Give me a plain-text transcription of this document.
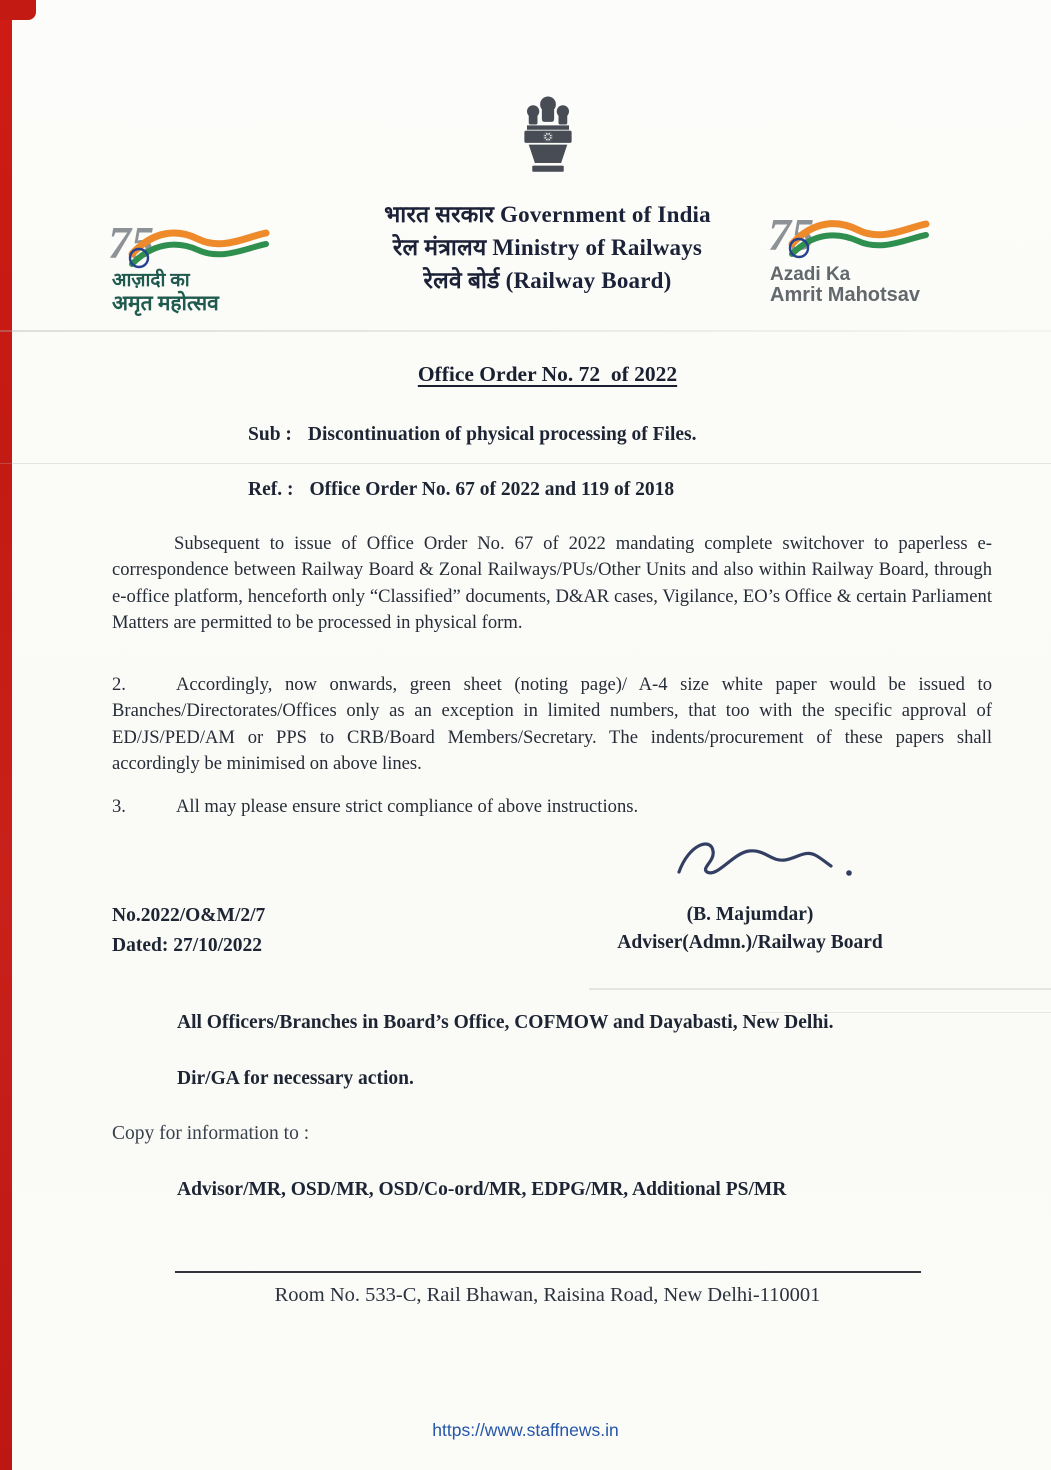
भारत सरकार Government of India
रेल मंत्रालय Ministry of Railways
रेलवे बोर्ड (Railway Board)
75
आज़ादी का
अमृत महोत्सव
75
Azadi Ka
Amrit Mahotsav
Office Order No. 72  of 2022
Sub : Discontinuation of physical processing of Files.
Ref. : Office Order No. 67 of 2022 and 119 of 2018

Subsequent to issue of Office Order No. 67 of 2022 mandating complete switchover to paperless e-correspondence between Railway Board & Zonal Railways/PUs/Other Units and also within Railway Board, through e-office platform, henceforth only “Classified” documents, D&AR cases, Vigilance, EO’s Office & certain Parliament Matters are permitted to be processed in physical form.

2.	Accordingly, now onwards, green sheet (noting page)/ A-4 size white paper would be issued to Branches/Directorates/Offices only as an exception in limited numbers, that too with the specific approval of ED/JS/PED/AM or PPS to CRB/Board Members/Secretary. The indents/procurement of these papers shall accordingly be minimised on above lines.

3.	All may please ensure strict compliance of above instructions.

No.2022/O&M/2/7
Dated: 27/10/2022
(B. Majumdar)
Adviser(Admn.)/Railway Board
All Officers/Branches in Board’s Office, COFMOW and Dayabasti, New Delhi.
Dir/GA for necessary action.
Copy for information to :
Advisor/MR, OSD/MR, OSD/Co-ord/MR, EDPG/MR, Additional PS/MR
Room No. 533-C, Rail Bhawan, Raisina Road, New Delhi-110001
https://www.staffnews.in
